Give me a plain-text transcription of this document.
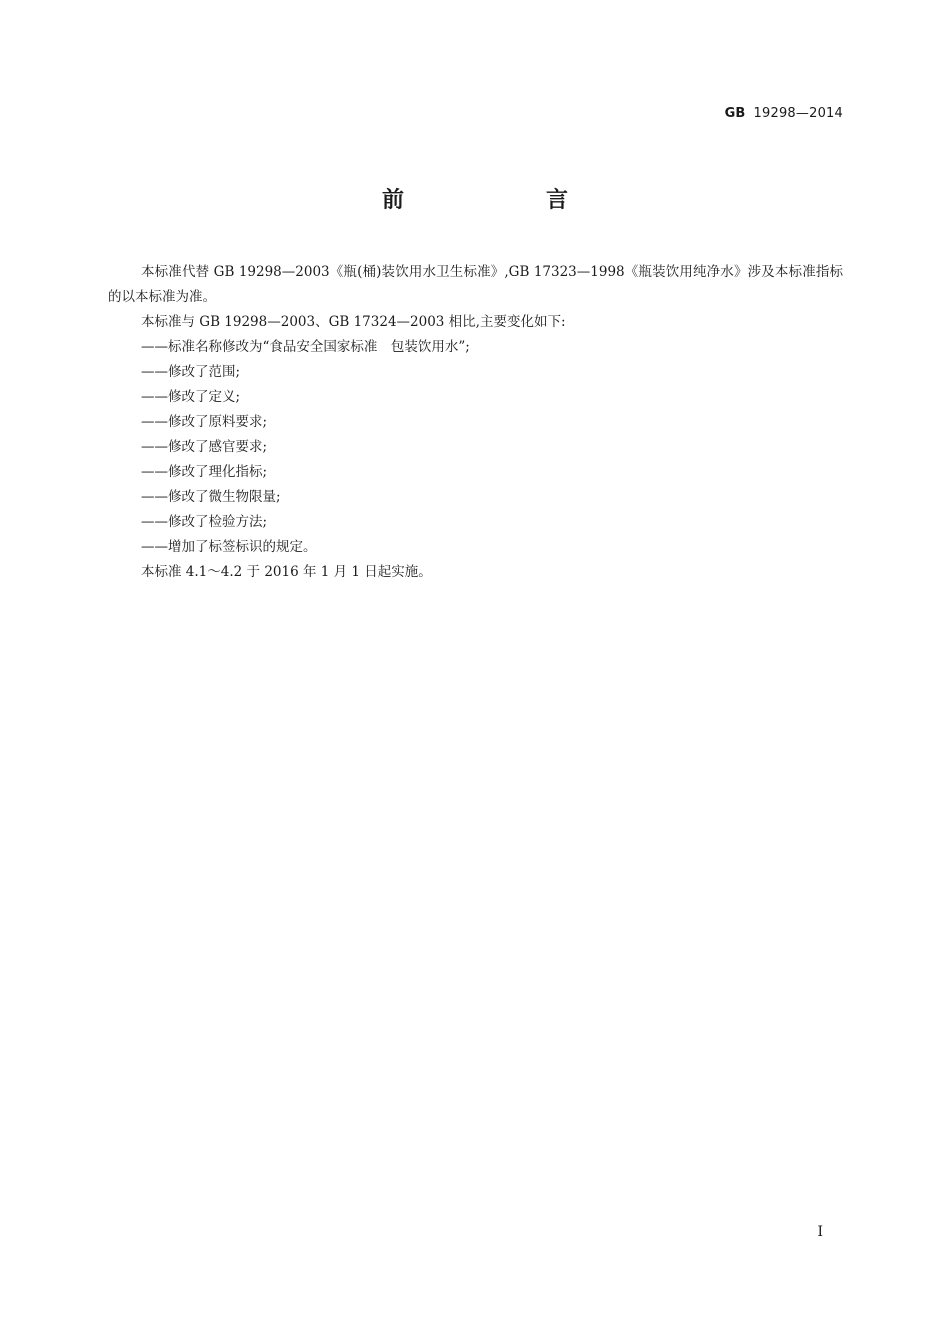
GB 19298—2014
前　言

本标准代替 GB 19298—2003《瓶(桶)装饮用水卫生标准》,GB 17323—1998《瓶装饮用纯净水》涉及本标准指标的以本标准为准。

本标准与 GB 19298—2003、GB 17324—2003 相比,主要变化如下:

——标准名称修改为“食品安全国家标准　包装饮用水”;
——修改了范围;
——修改了定义;
——修改了原料要求;
——修改了感官要求;
——修改了理化指标;
——修改了微生物限量;
——修改了检验方法;
——增加了标签标识的规定。

本标准 4.1～4.2 于 2016 年 1 月 1 日起实施。

I
